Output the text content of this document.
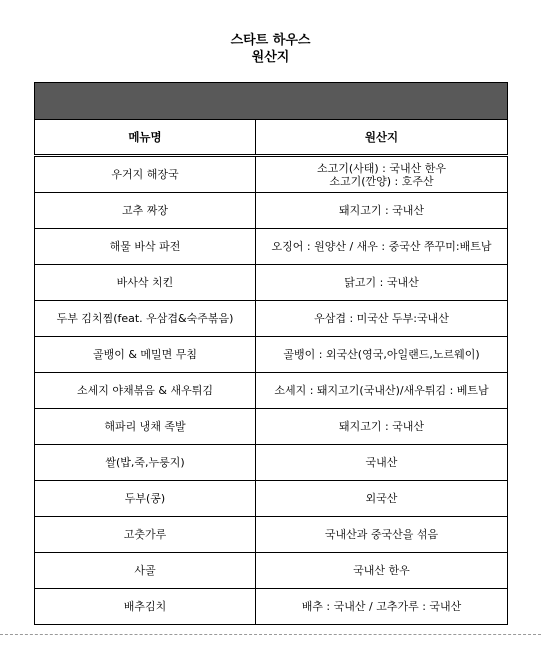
스타트 하우스
원산지

메뉴명	원산지
우거지 해장국	소고기(사태) : 국내산 한우
소고기(깐양) : 호주산

고추 짜장	돼지고기 : 국내산

해물 바삭 파전	오징어 : 원양산 / 새우 : 중국산 쭈꾸미:배트남

바사삭 치킨	닭고기 : 국내산

두부 김치찜(feat. 우삼겹&숙주볶음)	우삼겹 : 미국산 두부:국내산

골뱅이 & 메밀면 무침	골뱅이 : 외국산(영국,아일랜드,노르웨이)

소세지 야채볶음 & 새우튀김	소세지 : 돼지고기(국내산)/새우튀김 : 베트남

해파리 냉채 족발	돼지고기 : 국내산

쌀(밥,죽,누룽지)	국내산

두부(콩)	외국산

고춧가루	국내산과 중국산을 섞음

사골	국내산 한우

배추김치	배추 : 국내산 / 고추가루 : 국내산
